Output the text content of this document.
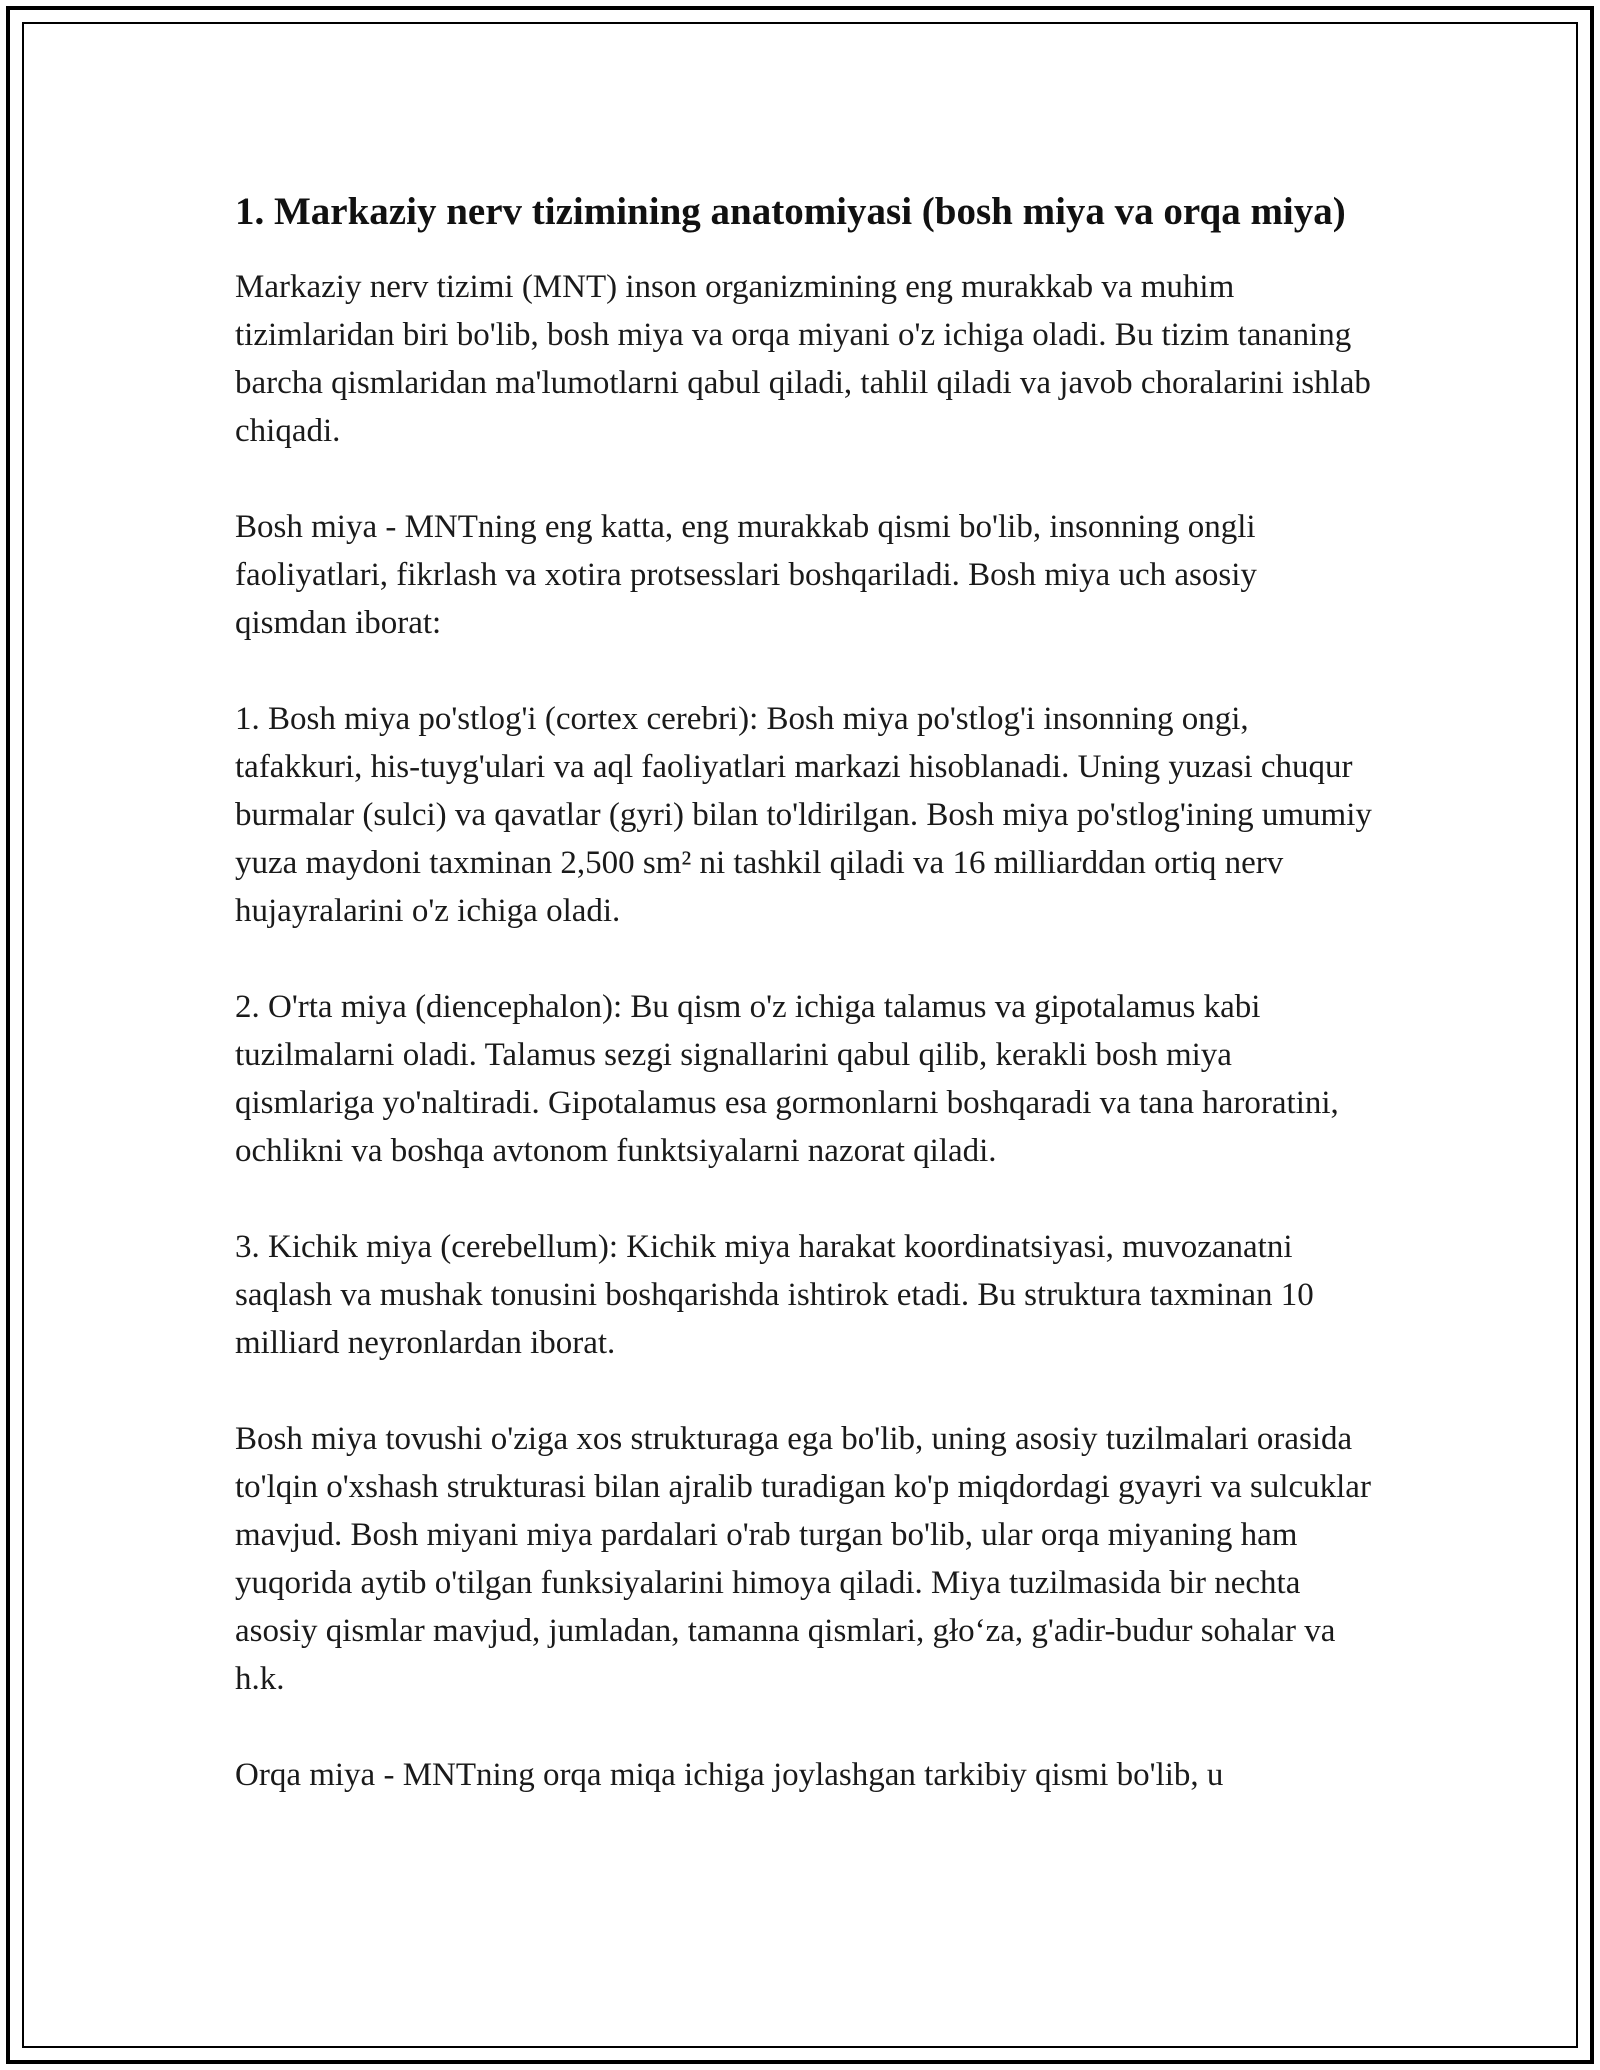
1. Markaziy nerv tizimining anatomiyasi (bosh miya va orqa miya)

Markaziy nerv tizimi (MNT) inson organizmining eng murakkab va muhim tizimlaridan biri bo'lib, bosh miya va orqa miyani o'z ichiga oladi. Bu tizim tananing barcha qismlaridan ma'lumotlarni qabul qiladi, tahlil qiladi va javob choralarini ishlab chiqadi.

Bosh miya - MNTning eng katta, eng murakkab qismi bo'lib, insonning ongli faoliyatlari, fikrlash va xotira protsesslari boshqariladi. Bosh miya uch asosiy qismdan iborat:

1. Bosh miya po'stlog'i (cortex cerebri): Bosh miya po'stlog'i insonning ongi, tafakkuri, his-tuyg'ulari va aql faoliyatlari markazi hisoblanadi. Uning yuzasi chuqur burmalar (sulci) va qavatlar (gyri) bilan to'ldirilgan. Bosh miya po'stlog'ining umumiy yuza maydoni taxminan 2,500 sm² ni tashkil qiladi va 16 milliarddan ortiq nerv hujayralarini o'z ichiga oladi.

2. O'rta miya (diencephalon): Bu qism o'z ichiga talamus va gipotalamus kabi tuzilmalarni oladi. Talamus sezgi signallarini qabul qilib, kerakli bosh miya qismlariga yo'naltiradi. Gipotalamus esa gormonlarni boshqaradi va tana haroratini, ochlikni va boshqa avtonom funktsiyalarni nazorat qiladi.

3. Kichik miya (cerebellum): Kichik miya harakat koordinatsiyasi, muvozanatni saqlash va mushak tonusini boshqarishda ishtirok etadi. Bu struktura taxminan 10 milliard neyronlardan iborat.

Bosh miya tovushi o'ziga xos strukturaga ega bo'lib, uning asosiy tuzilmalari orasida to'lqin o'xshash strukturasi bilan ajralib turadigan ko'p miqdordagi gyayri va sulcuklar mavjud. Bosh miyani miya pardalari o'rab turgan bo'lib, ular orqa miyaning ham yuqorida aytib o'tilgan funksiyalarini himoya qiladi. Miya tuzilmasida bir nechta asosiy qismlar mavjud, jumladan, tamanna qismlari, głoʻza, g'adir-budur sohalar va h.k.

Orqa miya - MNTning orqa miqa ichiga joylashgan tarkibiy qismi bo'lib, u
